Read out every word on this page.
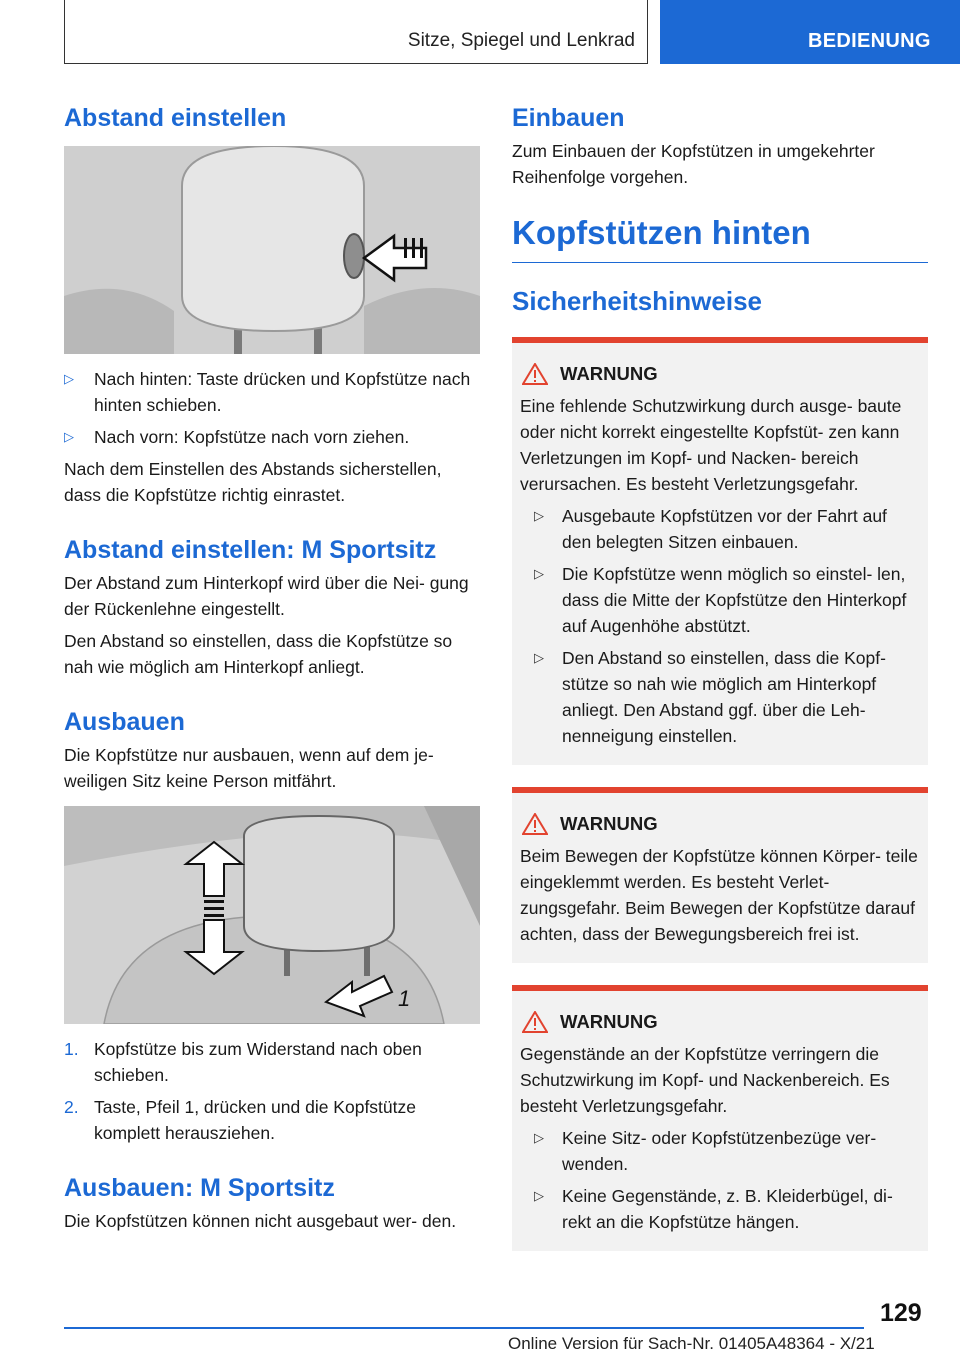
Sitze, Spiegel und Lenkrad	BEDIENUNG
Abstand einstellen
▷ Nach hinten: Taste drücken und Kopfstütze nach hinten schieben.
▷ Nach vorn: Kopfstütze nach vorn ziehen.

Nach dem Einstellen des Abstands sicherstellen, dass die Kopfstütze richtig einrastet.

Abstand einstellen: M Sportsitz

Der Abstand zum Hinterkopf wird über die Nei‐ gung der Rückenlehne eingestellt.

Den Abstand so einstellen, dass die Kopfstütze so nah wie möglich am Hinterkopf anliegt.

Ausbauen

Die Kopfstütze nur ausbauen, wenn auf dem je‐ weiligen Sitz keine Person mitfährt.

1
1. Kopfstütze bis zum Widerstand nach oben schieben.
2. Taste, Pfeil 1, drücken und die Kopfstütze komplett herausziehen.
Ausbauen: M Sportsitz

Die Kopfstützen können nicht ausgebaut wer‐ den.

Einbauen

Zum Einbauen der Kopfstützen in umgekehrter Reihenfolge vorgehen.

Kopfstützen hinten
Sicherheitshinweise
WARNUNG

Eine fehlende Schutzwirkung durch ausge‐ baute oder nicht korrekt eingestellte Kopfstüt‐ zen kann Verletzungen im Kopf- und Nacken‐ bereich verursachen. Es besteht Verletzungsgefahr.

▷ Ausgebaute Kopfstützen vor der Fahrt auf den belegten Sitzen einbauen.
▷ Die Kopfstütze wenn möglich so einstel‐ len, dass die Mitte der Kopfstütze den Hinterkopf auf Augenhöhe abstützt.
▷ Den Abstand so einstellen, dass die Kopf‐ stütze so nah wie möglich am Hinterkopf anliegt. Den Abstand ggf. über die Leh‐ nenneigung einstellen.
WARNUNG

Beim Bewegen der Kopfstütze können Körper‐ teile eingeklemmt werden. Es besteht Verlet‐ zungsgefahr. Beim Bewegen der Kopfstütze darauf achten, dass der Bewegungsbereich frei ist.

WARNUNG

Gegenstände an der Kopfstütze verringern die Schutzwirkung im Kopf- und Nackenbereich. Es besteht Verletzungsgefahr.

▷ Keine Sitz- oder Kopfstützenbezüge ver‐ wenden.
▷ Keine Gegenstände, z. B. Kleiderbügel, di‐ rekt an die Kopfstütze hängen.
129
Online Version für Sach-Nr. 01405A48364 - X/21
